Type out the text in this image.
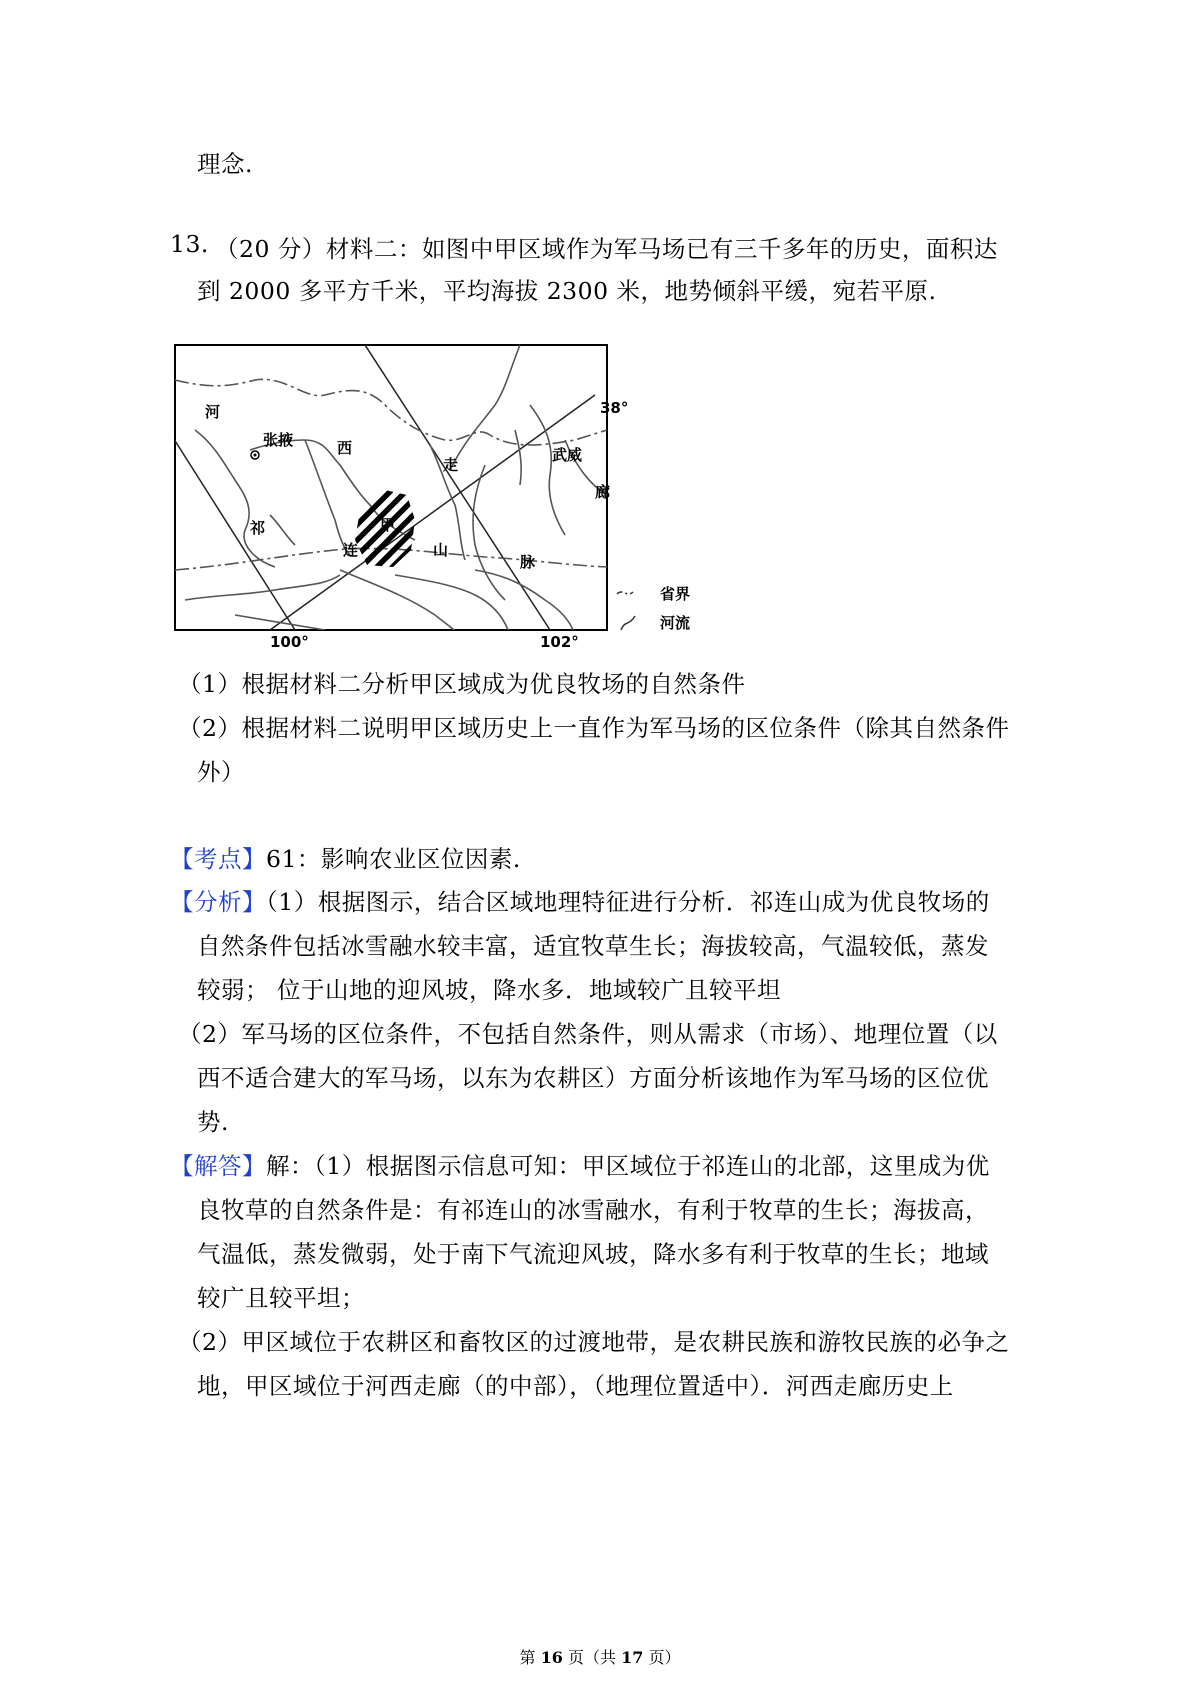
理念.
13. （20 分）材料二：如图中甲区域作为军马场已有三千多年的历史，面积达
到 2000 多平方千米，平均海拔 2300 米，地势倾斜平缓，宛若平原.
河
张掖	西
走
武威
廊
祁	甲
连	山
脉
38°
100°	102°
省界
河流
（1）根据材料二分析甲区域成为优良牧场的自然条件
（2）根据材料二说明甲区域历史上一直作为军马场的区位条件（除其自然条件
外）
【考点】61：影响农业区位因素.
【分析】（1）根据图示，结合区域地理特征进行分析．祁连山成为优良牧场的
自然条件包括冰雪融水较丰富，适宜牧草生长；海拔较高，气温较低，蒸发
较弱； 位于山地的迎风坡，降水多．地域较广且较平坦
（2）军马场的区位条件，不包括自然条件，则从需求（市场）、地理位置（以
西不适合建大的军马场，以东为农耕区）方面分析该地作为军马场的区位优
势.
【解答】解：（1）根据图示信息可知：甲区域位于祁连山的北部，这里成为优
良牧草的自然条件是：有祁连山的冰雪融水，有利于牧草的生长；海拔高，
气温低，蒸发微弱，处于南下气流迎风坡，降水多有利于牧草的生长；地域
较广且较平坦；
（2）甲区域位于农耕区和畜牧区的过渡地带，是农耕民族和游牧民族的必争之
地，甲区域位于河西走廊（的中部），（地理位置适中）．河西走廊历史上
第 16 页（共 17 页）
